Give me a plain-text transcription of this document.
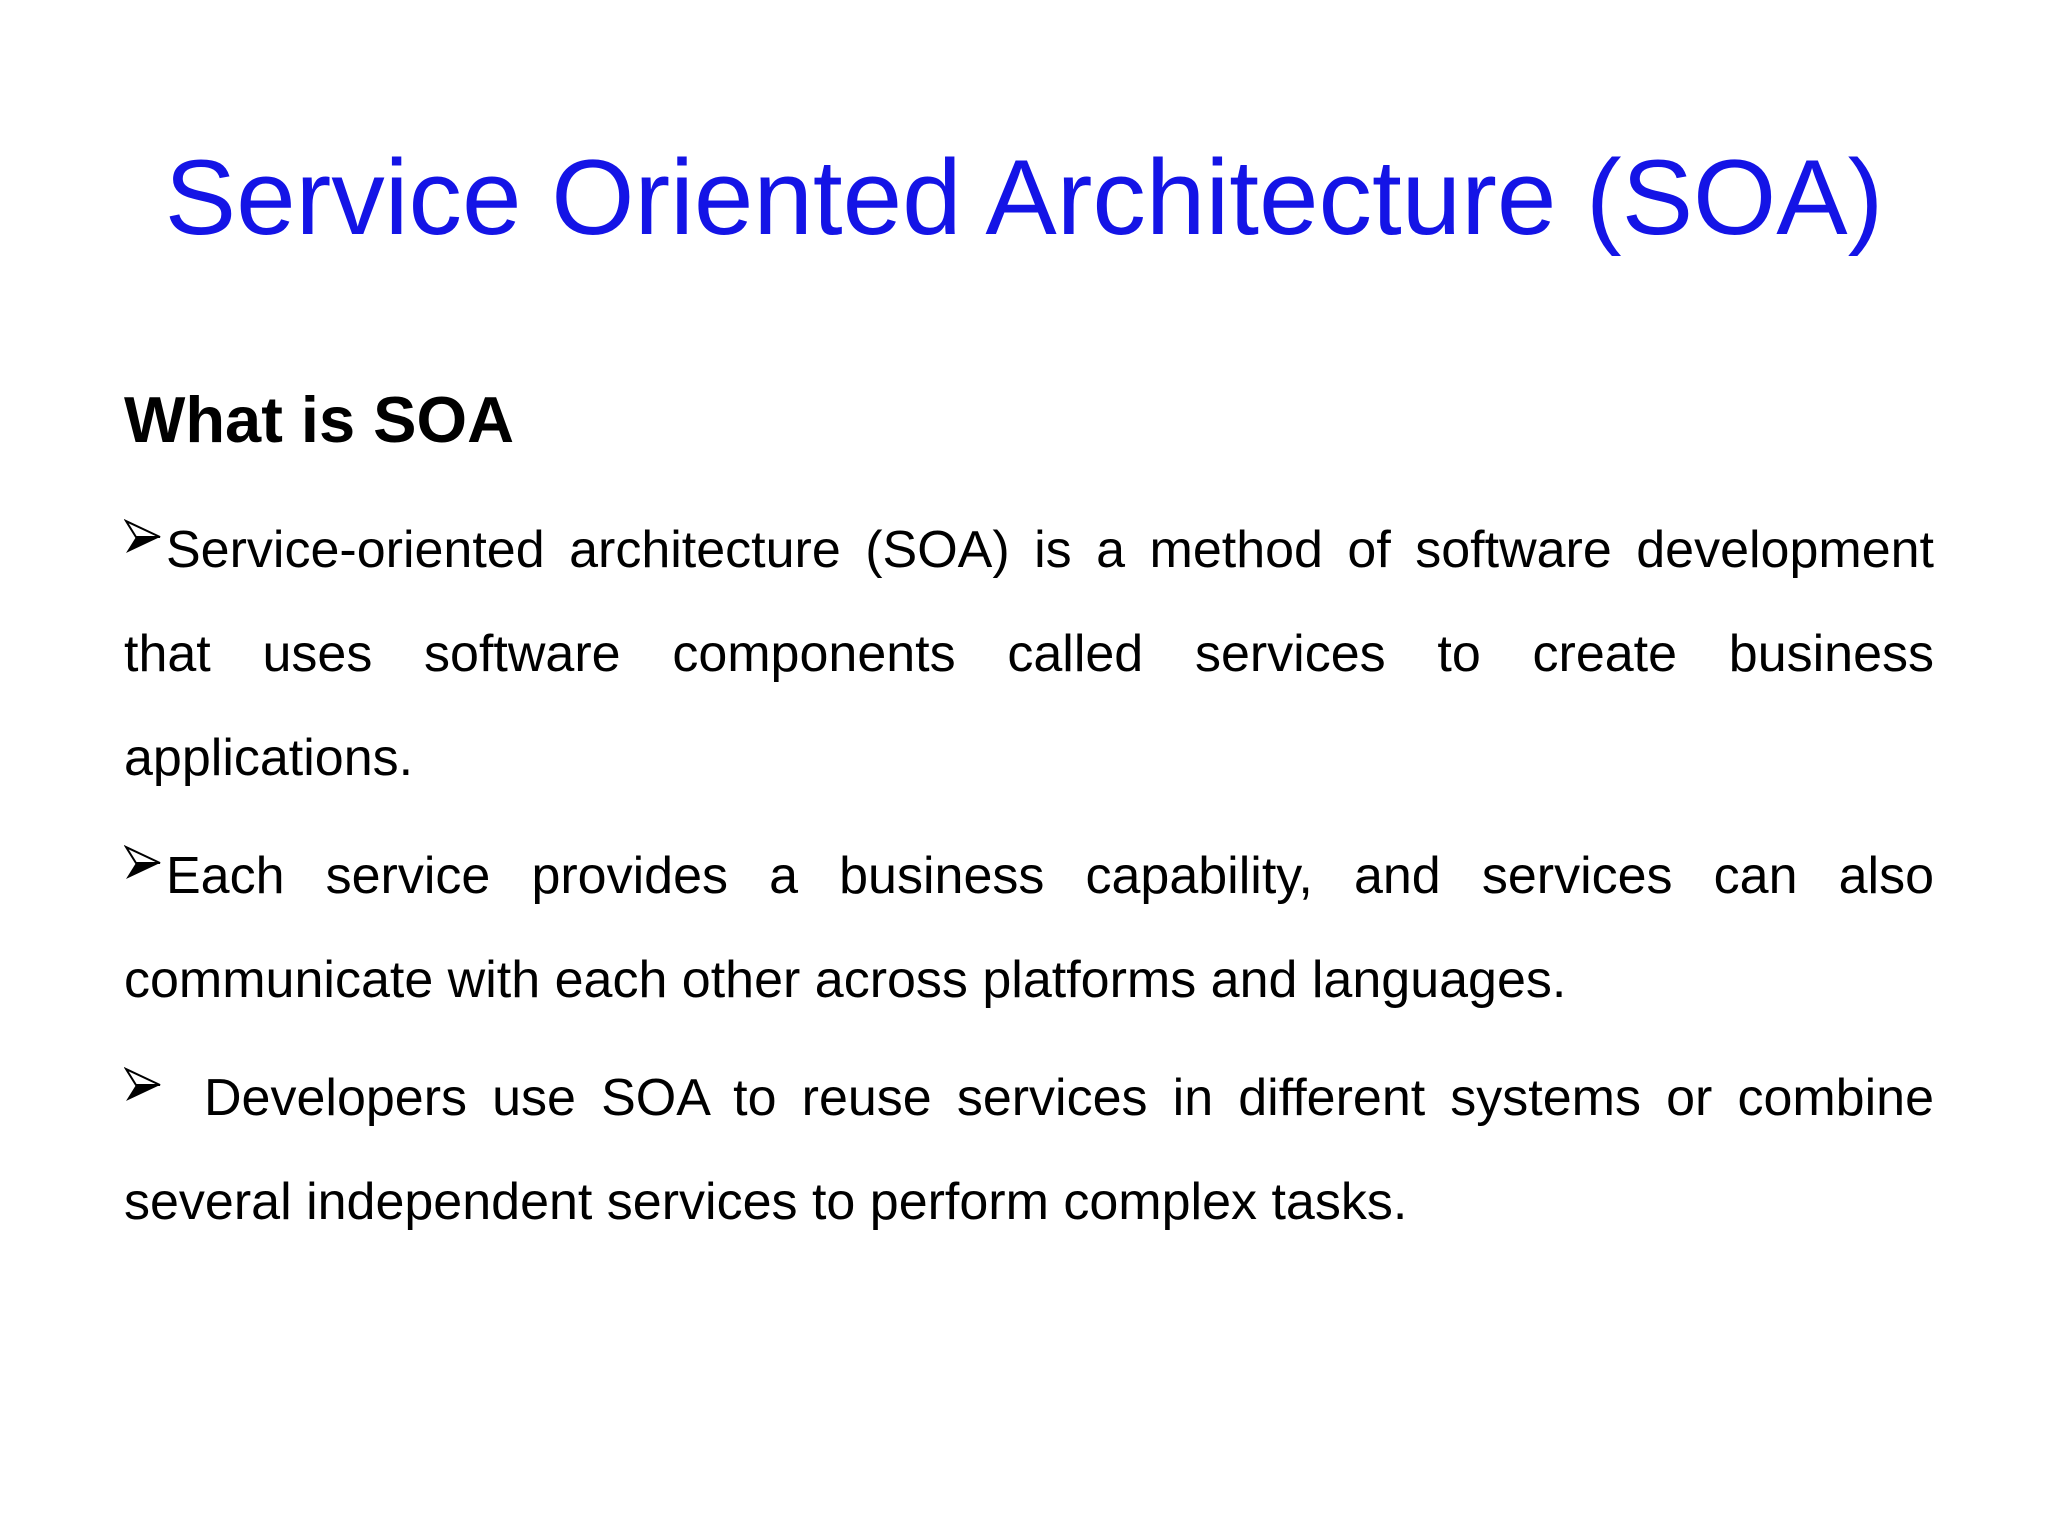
Service Oriented Architecture (SOA)
What is SOA
Service-oriented architecture (SOA) is a method of software development that uses software components called services to create business applications.
Each service provides a business capability, and services can also communicate with each other across platforms and languages.
Developers use SOA to reuse services in different systems or combine several independent services to perform complex tasks.
